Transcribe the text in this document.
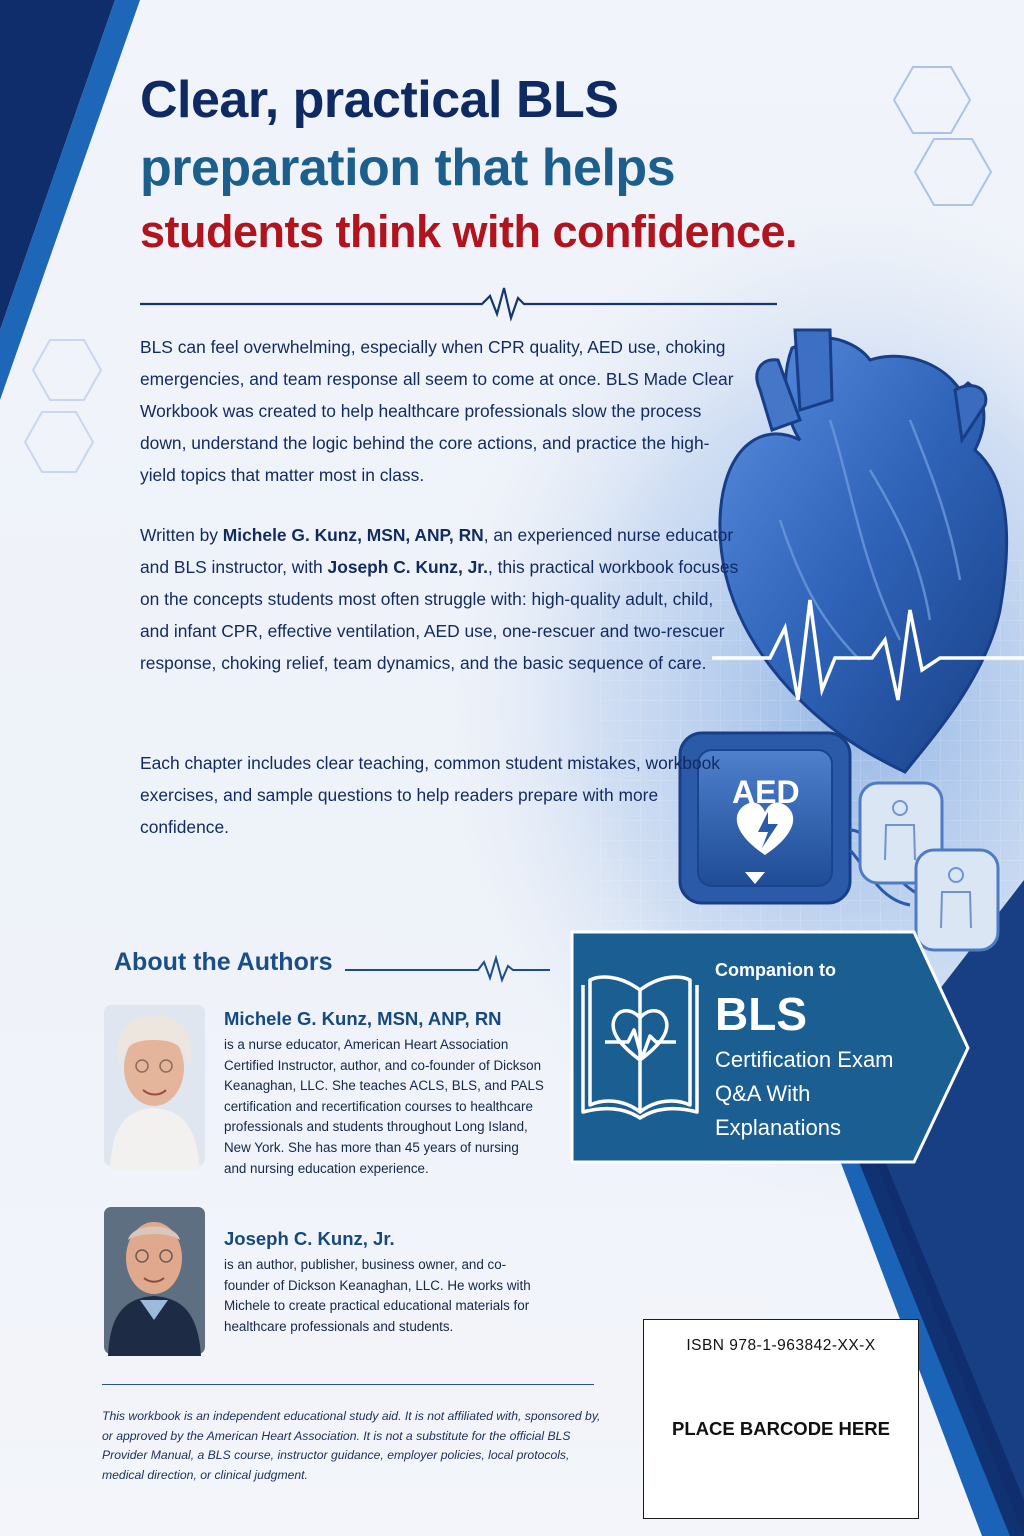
Clear, practical BLS
preparation that helps
students think with confidence.

BLS can feel overwhelming, especially when CPR quality, AED use, choking emergencies, and team response all seem to come at once. BLS Made Clear Workbook was created to help healthcare professionals slow the process down, understand the logic behind the core actions, and practice the high-yield topics that matter most in class.

Written by Michele G. Kunz, MSN, ANP, RN, an experienced nurse educator and BLS instructor, with Joseph C. Kunz, Jr., this practical workbook focuses on the concepts students most often struggle with: high-quality adult, child, and infant CPR, effective ventilation, AED use, one-rescuer and two-rescuer response, choking relief, team dynamics, and the basic sequence of care.

Each chapter includes clear teaching, common student mistakes, workbook exercises, and sample questions to help readers prepare with more confidence.

AED
About the Authors
Michele G. Kunz, MSN, ANP, RN

is a nurse educator, American Heart Association Certified Instructor, author, and co-founder of Dickson Keanaghan, LLC. She teaches ACLS, BLS, and PALS certification and recertification courses to healthcare professionals and students throughout Long Island, New York. She has more than 45 years of nursing and nursing education experience.

Joseph C. Kunz, Jr.

is an author, publisher, business owner, and co-founder of Dickson Keanaghan, LLC. He works with Michele to create practical educational materials for healthcare professionals and students.

This workbook is an independent educational study aid. It is not affiliated with, sponsored by, or approved by the American Heart Association. It is not a substitute for the official BLS Provider Manual, a BLS course, instructor guidance, employer policies, local protocols, medical direction, or clinical judgment.

Companion to
BLS
Certification Exam Q&A With Explanations

ISBN 978-1-963842-XX-X

PLACE BARCODE HERE
